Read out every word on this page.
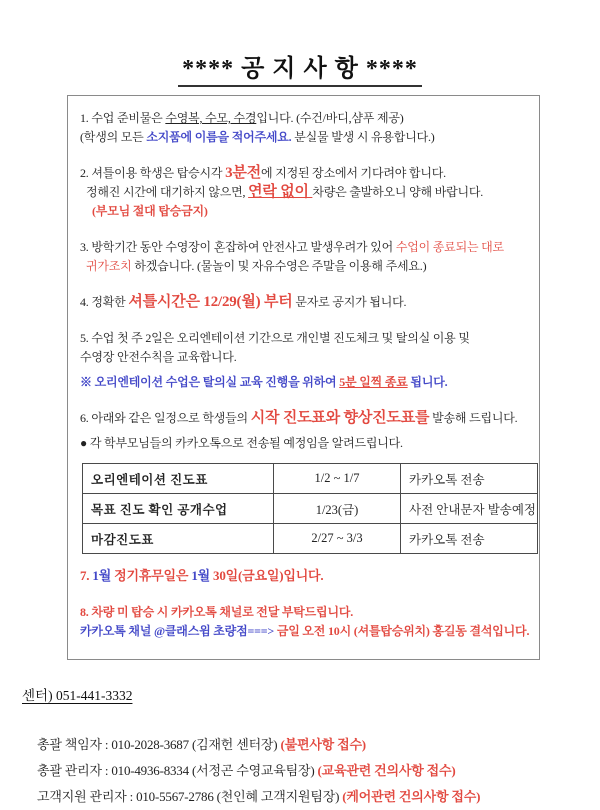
**** 공 지 사 항 ****

1. 수업 준비물은 수영복, 수모, 수경입니다. (수건/바디,샴푸 제공)

(학생의 모든 소지품에 이름을 적어주세요. 분실물 발생 시 유용합니다.)

2. 셔틀이용 학생은 탑승시각 3분전에 지정된 장소에서 기다려야 합니다.

정해진 시간에 대기하지 않으면, 연락 없이 차량은 출발하오니 양해 바랍니다.

(부모님 절대 탑승금지)

3. 방학기간 동안 수영장이 혼잡하여 안전사고 발생우려가 있어 수업이 종료되는 대로

귀가조치 하겠습니다. (물놀이 및 자유수영은 주말을 이용해 주세요.)

4. 정확한 셔틀시간은 12/29(월) 부터 문자로 공지가 됩니다.

5. 수업 첫 주 2일은 오리엔테이션 기간으로 개인별 진도체크 및 탈의실 이용 및

수영장 안전수칙을 교육합니다.

※ 오리엔테이션 수업은 탈의실 교육 진행을 위하여 5분 일찍 종료 됩니다.

6. 아래와 같은 일정으로 학생들의 시작 진도표와 향상진도표를 발송해 드립니다.

● 각 학부모님들의 카카오톡으로 전송될 예정임을 알려드립니다.

오리엔테이션 진도표	1/2 ~ 1/7	카카오톡 전송
목표 진도 확인 공개수업	1/23(금)	사전 안내문자 발송예정
마감진도표	2/27 ~ 3/3	카카오톡 전송

7. 1월 정기휴무일은 1월 30일(금요일)입니다.

8. 차량 미 탑승 시 카카오톡 채널로 전달 부탁드립니다.

카카오톡 채널 @클래스윔 초량점===> 금일 오전 10시 (셔틀탑승위치) 홍길동 결석입니다.

센터) 051-441-3332

총괄 책임자 : 010-2028-3687 (김재헌 센터장) (불편사항 접수)

총괄 관리자 : 010-4936-8334 (서정곤 수영교육팀장) (교육관련 건의사항 접수)

고객지원 관리자 : 010-5567-2786 (천인혜 고객지원팀장) (케어관련 건의사항 접수)
